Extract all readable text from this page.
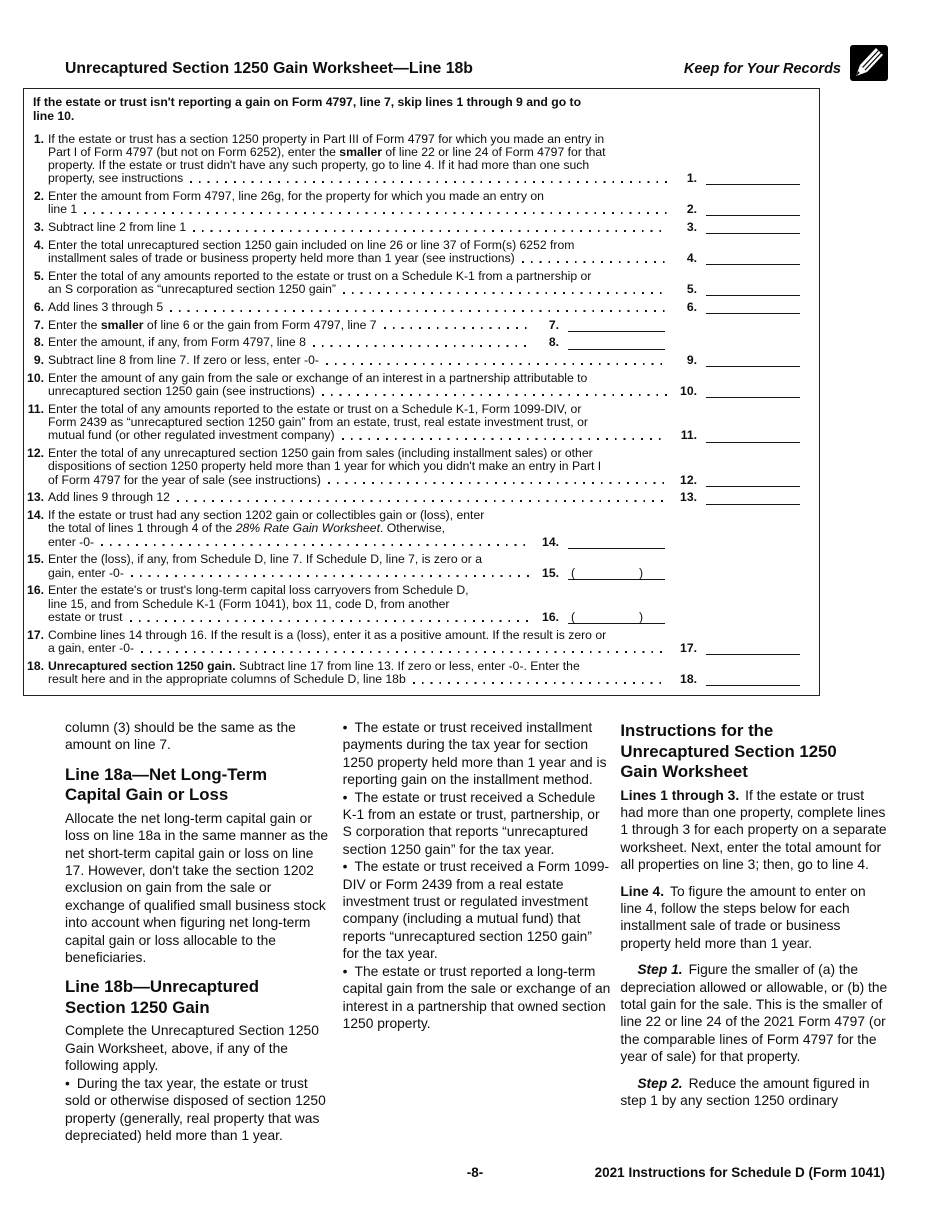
Unrecaptured Section 1250 Gain Worksheet—Line 18b	Keep for Your Records
If the estate or trust isn't reporting a gain on Form 4797, line 7, skip lines 1 through 9 and go to
line 10.
1. If the estate or trust has a section 1250 property in Part III of Form 4797 for which you made an entry in
Part I of Form 4797 (but not on Form 6252), enter the smaller of line 22 or line 24 of Form 4797 for that
property. If the estate or trust didn't have any such property, go to line 4. If it had more than one such
property, see instructions	1.
2. Enter the amount from Form 4797, line 26g, for the property for which you made an entry on
line 1	2.
3. Subtract line 2 from line 1	3.
4. Enter the total unrecaptured section 1250 gain included on line 26 or line 37 of Form(s) 6252 from
installment sales of trade or business property held more than 1 year (see instructions)	4.
5. Enter the total of any amounts reported to the estate or trust on a Schedule K-1 from a partnership or
an S corporation as “unrecaptured section 1250 gain”	5.
6. Add lines 3 through 5	6.
7. Enter the smaller of line 6 or the gain from Form 4797, line 7	7.
8. Enter the amount, if any, from Form 4797, line 8	8.
9. Subtract line 8 from line 7. If zero or less, enter -0-	9.
10. Enter the amount of any gain from the sale or exchange of an interest in a partnership attributable to
unrecaptured section 1250 gain (see instructions)	10.
11. Enter the total of any amounts reported to the estate or trust on a Schedule K-1, Form 1099-DIV, or
Form 2439 as “unrecaptured section 1250 gain” from an estate, trust, real estate investment trust, or
mutual fund (or other regulated investment company)	11.
12. Enter the total of any unrecaptured section 1250 gain from sales (including installment sales) or other
dispositions of section 1250 property held more than 1 year for which you didn't make an entry in Part I
of Form 4797 for the year of sale (see instructions)	12.
13. Add lines 9 through 12	13.
14. If the estate or trust had any section 1202 gain or collectibles gain or (loss), enter
the total of lines 1 through 4 of the 28% Rate Gain Worksheet. Otherwise,
enter -0-	14.
15. Enter the (loss), if any, from Schedule D, line 7. If Schedule D, line 7, is zero or a
gain, enter -0-	15. (	)
16. Enter the estate's or trust's long-term capital loss carryovers from Schedule D,
line 15, and from Schedule K-1 (Form 1041), box 11, code D, from another
estate or trust	16. (	)
17. Combine lines 14 through 16. If the result is a (loss), enter it as a positive amount. If the result is zero or
a gain, enter -0-	17.
18. Unrecaptured section 1250 gain. Subtract line 17 from line 13. If zero or less, enter -0-. Enter the
result here and in the appropriate columns of Schedule D, line 18b	18.
column (3) should be the same as the amount on line 7.
Line 18a—Net Long-Term Capital Gain or Loss
Allocate the net long-term capital gain or loss on line 18a in the same manner as the net short-term capital gain or loss on line 17. However, don't take the section 1202 exclusion on gain from the sale or exchange of qualified small business stock into account when figuring net long-term capital gain or loss allocable to the beneficiaries.
Line 18b—Unrecaptured Section 1250 Gain
Complete the Unrecaptured Section 1250 Gain Worksheet, above, if any of the following apply.
• During the tax year, the estate or trust sold or otherwise disposed of section 1250 property (generally, real property that was depreciated) held more than 1 year.
• The estate or trust received installment payments during the tax year for section 1250 property held more than 1 year and is reporting gain on the installment method.
• The estate or trust received a Schedule K-1 from an estate or trust, partnership, or S corporation that reports “unrecaptured section 1250 gain” for the tax year.
• The estate or trust received a Form 1099-DIV or Form 2439 from a real estate investment trust or regulated investment company (including a mutual fund) that reports “unrecaptured section 1250 gain” for the tax year.
• The estate or trust reported a long-term capital gain from the sale or exchange of an interest in a partnership that owned section 1250 property.
Instructions for the Unrecaptured Section 1250 Gain Worksheet
Lines 1 through 3. If the estate or trust had more than one property, complete lines 1 through 3 for each property on a separate worksheet. Next, enter the total amount for all properties on line 3; then, go to line 4.
Line 4. To figure the amount to enter on line 4, follow the steps below for each installment sale of trade or business property held more than 1 year.
Step 1. Figure the smaller of (a) the depreciation allowed or allowable, or (b) the total gain for the sale. This is the smaller of line 22 or line 24 of the 2021 Form 4797 (or the comparable lines of Form 4797 for the year of sale) for that property.
Step 2. Reduce the amount figured in step 1 by any section 1250 ordinary
-8-	2021 Instructions for Schedule D (Form 1041)
